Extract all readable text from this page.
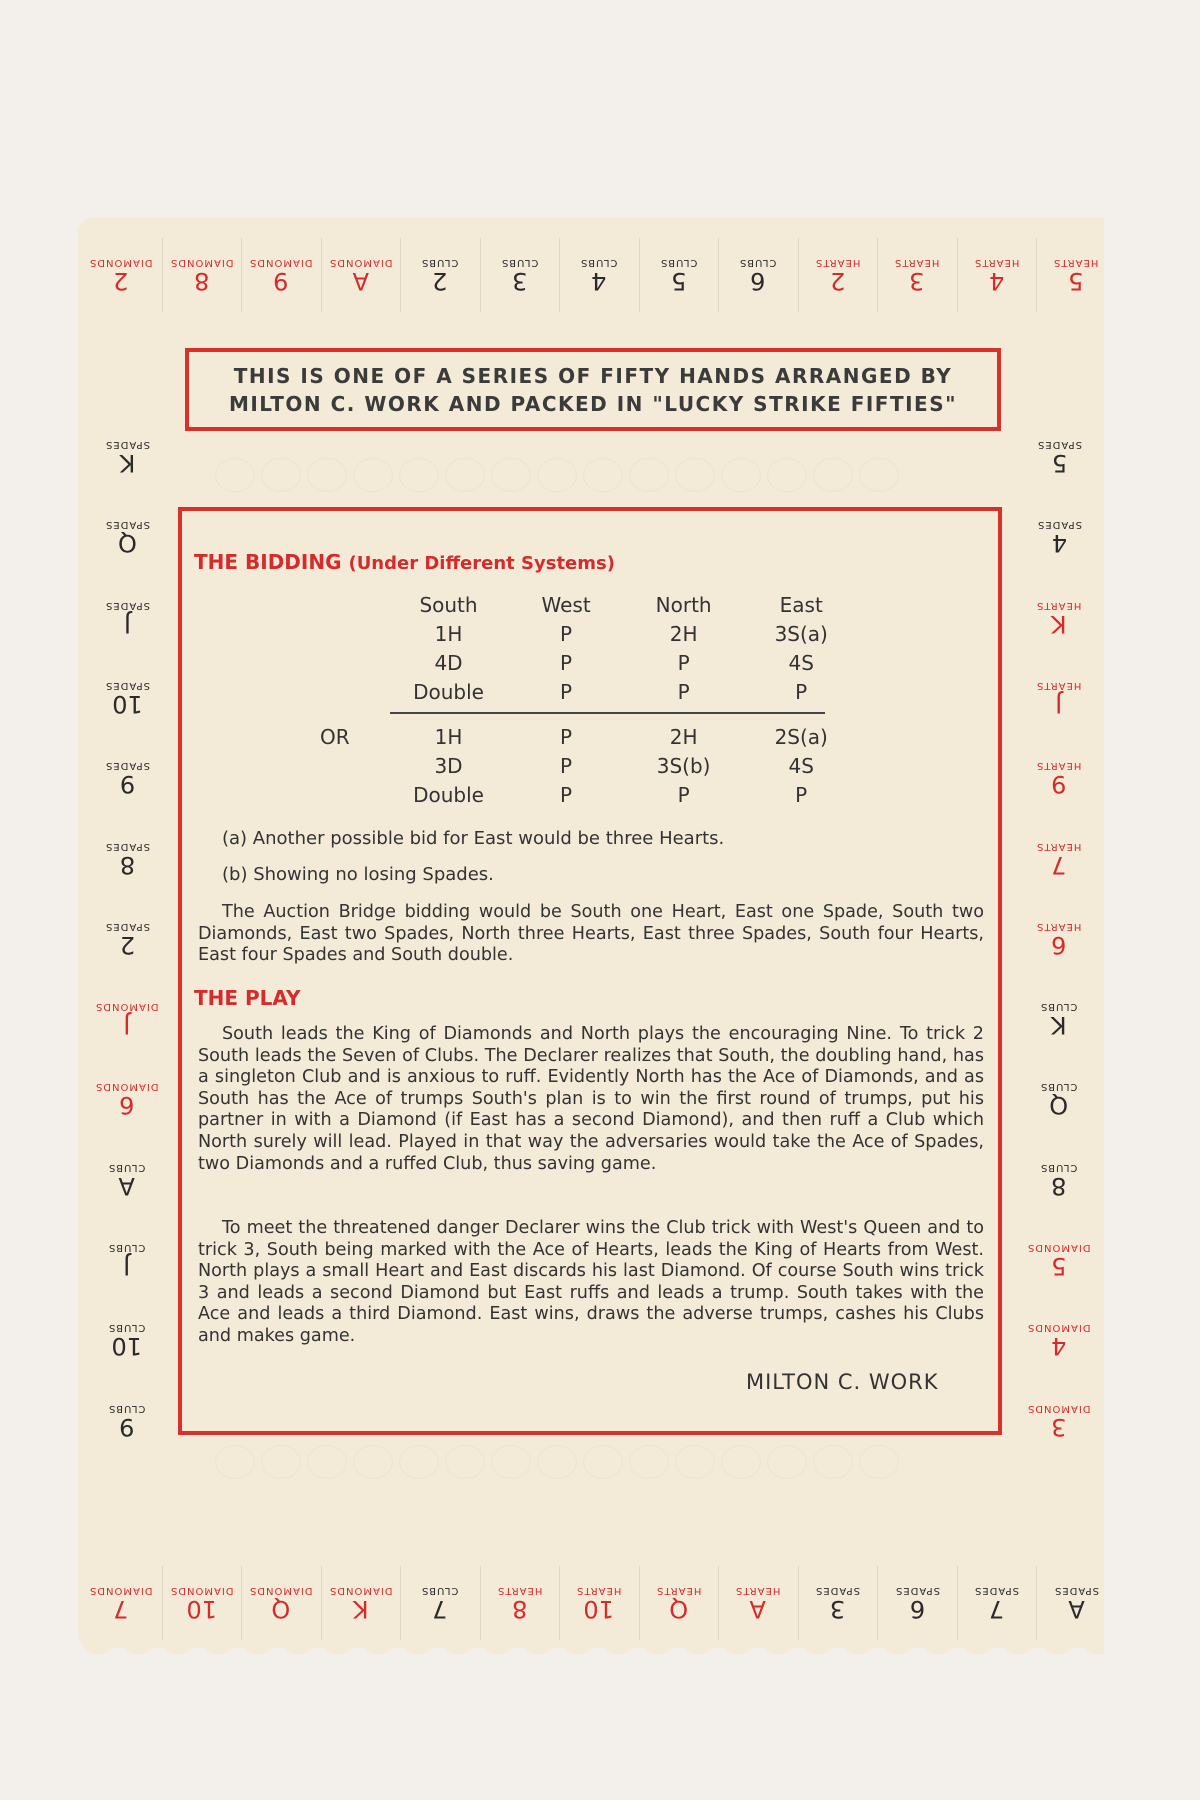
THIS IS ONE OF A SERIES OF FIFTY HANDS ARRANGED BY
MILTON C. WORK AND PACKED IN "LUCKY STRIKE FIFTIES"
THE BIDDING (Under Different Systems)
South	West	North	East
1H	P	2H	3S(a)
4D	P	P	4S
Double	P	P	P
OR	1H	P	2H	2S(a)
3D	P	3S(b)	4S
Double	P	P	P
(a) Another possible bid for East would be three Hearts.
(b) Showing no losing Spades.

The Auction Bridge bidding would be South one Heart, East one Spade, South two Diamonds, East two Spades, North three Hearts, East three Spades, South four Hearts, East four Spades and South double.

THE PLAY

South leads the King of Diamonds and North plays the encouraging Nine. To trick 2 South leads the Seven of Clubs. The Declarer realizes that South, the doubling hand, has a singleton Club and is anxious to ruff. Evidently North has the Ace of Diamonds, and as South has the Ace of trumps South's plan is to win the first round of trumps, put his partner in with a Diamond (if East has a second Diamond), and then ruff a Club which North surely will lead. Played in that way the adversaries would take the Ace of Spades, two Diamonds and a ruffed Club, thus saving game.

To meet the threatened danger Declarer wins the Club trick with West's Queen and to trick 3, South being marked with the Ace of Hearts, leads the King of Hearts from West. North plays a small Heart and East discards his last Diamond. Of course South wins trick 3 and leads a second Diamond but East ruffs and leads a trump. South takes with the Ace and leads a third Diamond. East wins, draws the adverse trumps, cashes his Clubs and makes game.

MILTON C. WORK
2
DIAMONDS
8
DIAMONDS
9
DIAMONDS
A
DIAMONDS
2
CLUBS
3
CLUBS
4
CLUBS
5
CLUBS
6
CLUBS
2
HEARTS
3
HEARTS
4
HEARTS
5
HEARTS
7
DIAMONDS
10
DIAMONDS
Q
DIAMONDS
K
DIAMONDS
7
CLUBS
8
HEARTS
10
HEARTS
Q
HEARTS
A
HEARTS
3
SPADES
6
SPADES
7
SPADES
A
SPADES
K
SPADES
Q
SPADES
J
SPADES
10
SPADES
9
SPADES
8
SPADES
2
SPADES
J
DIAMONDS
6
DIAMONDS
A
CLUBS
J
CLUBS
10
CLUBS
9
CLUBS
5
SPADES
4
SPADES
K
HEARTS
J
HEARTS
9
HEARTS
7
HEARTS
6
HEARTS
K
CLUBS
Q
CLUBS
8
CLUBS
5
DIAMONDS
4
DIAMONDS
3
DIAMONDS
